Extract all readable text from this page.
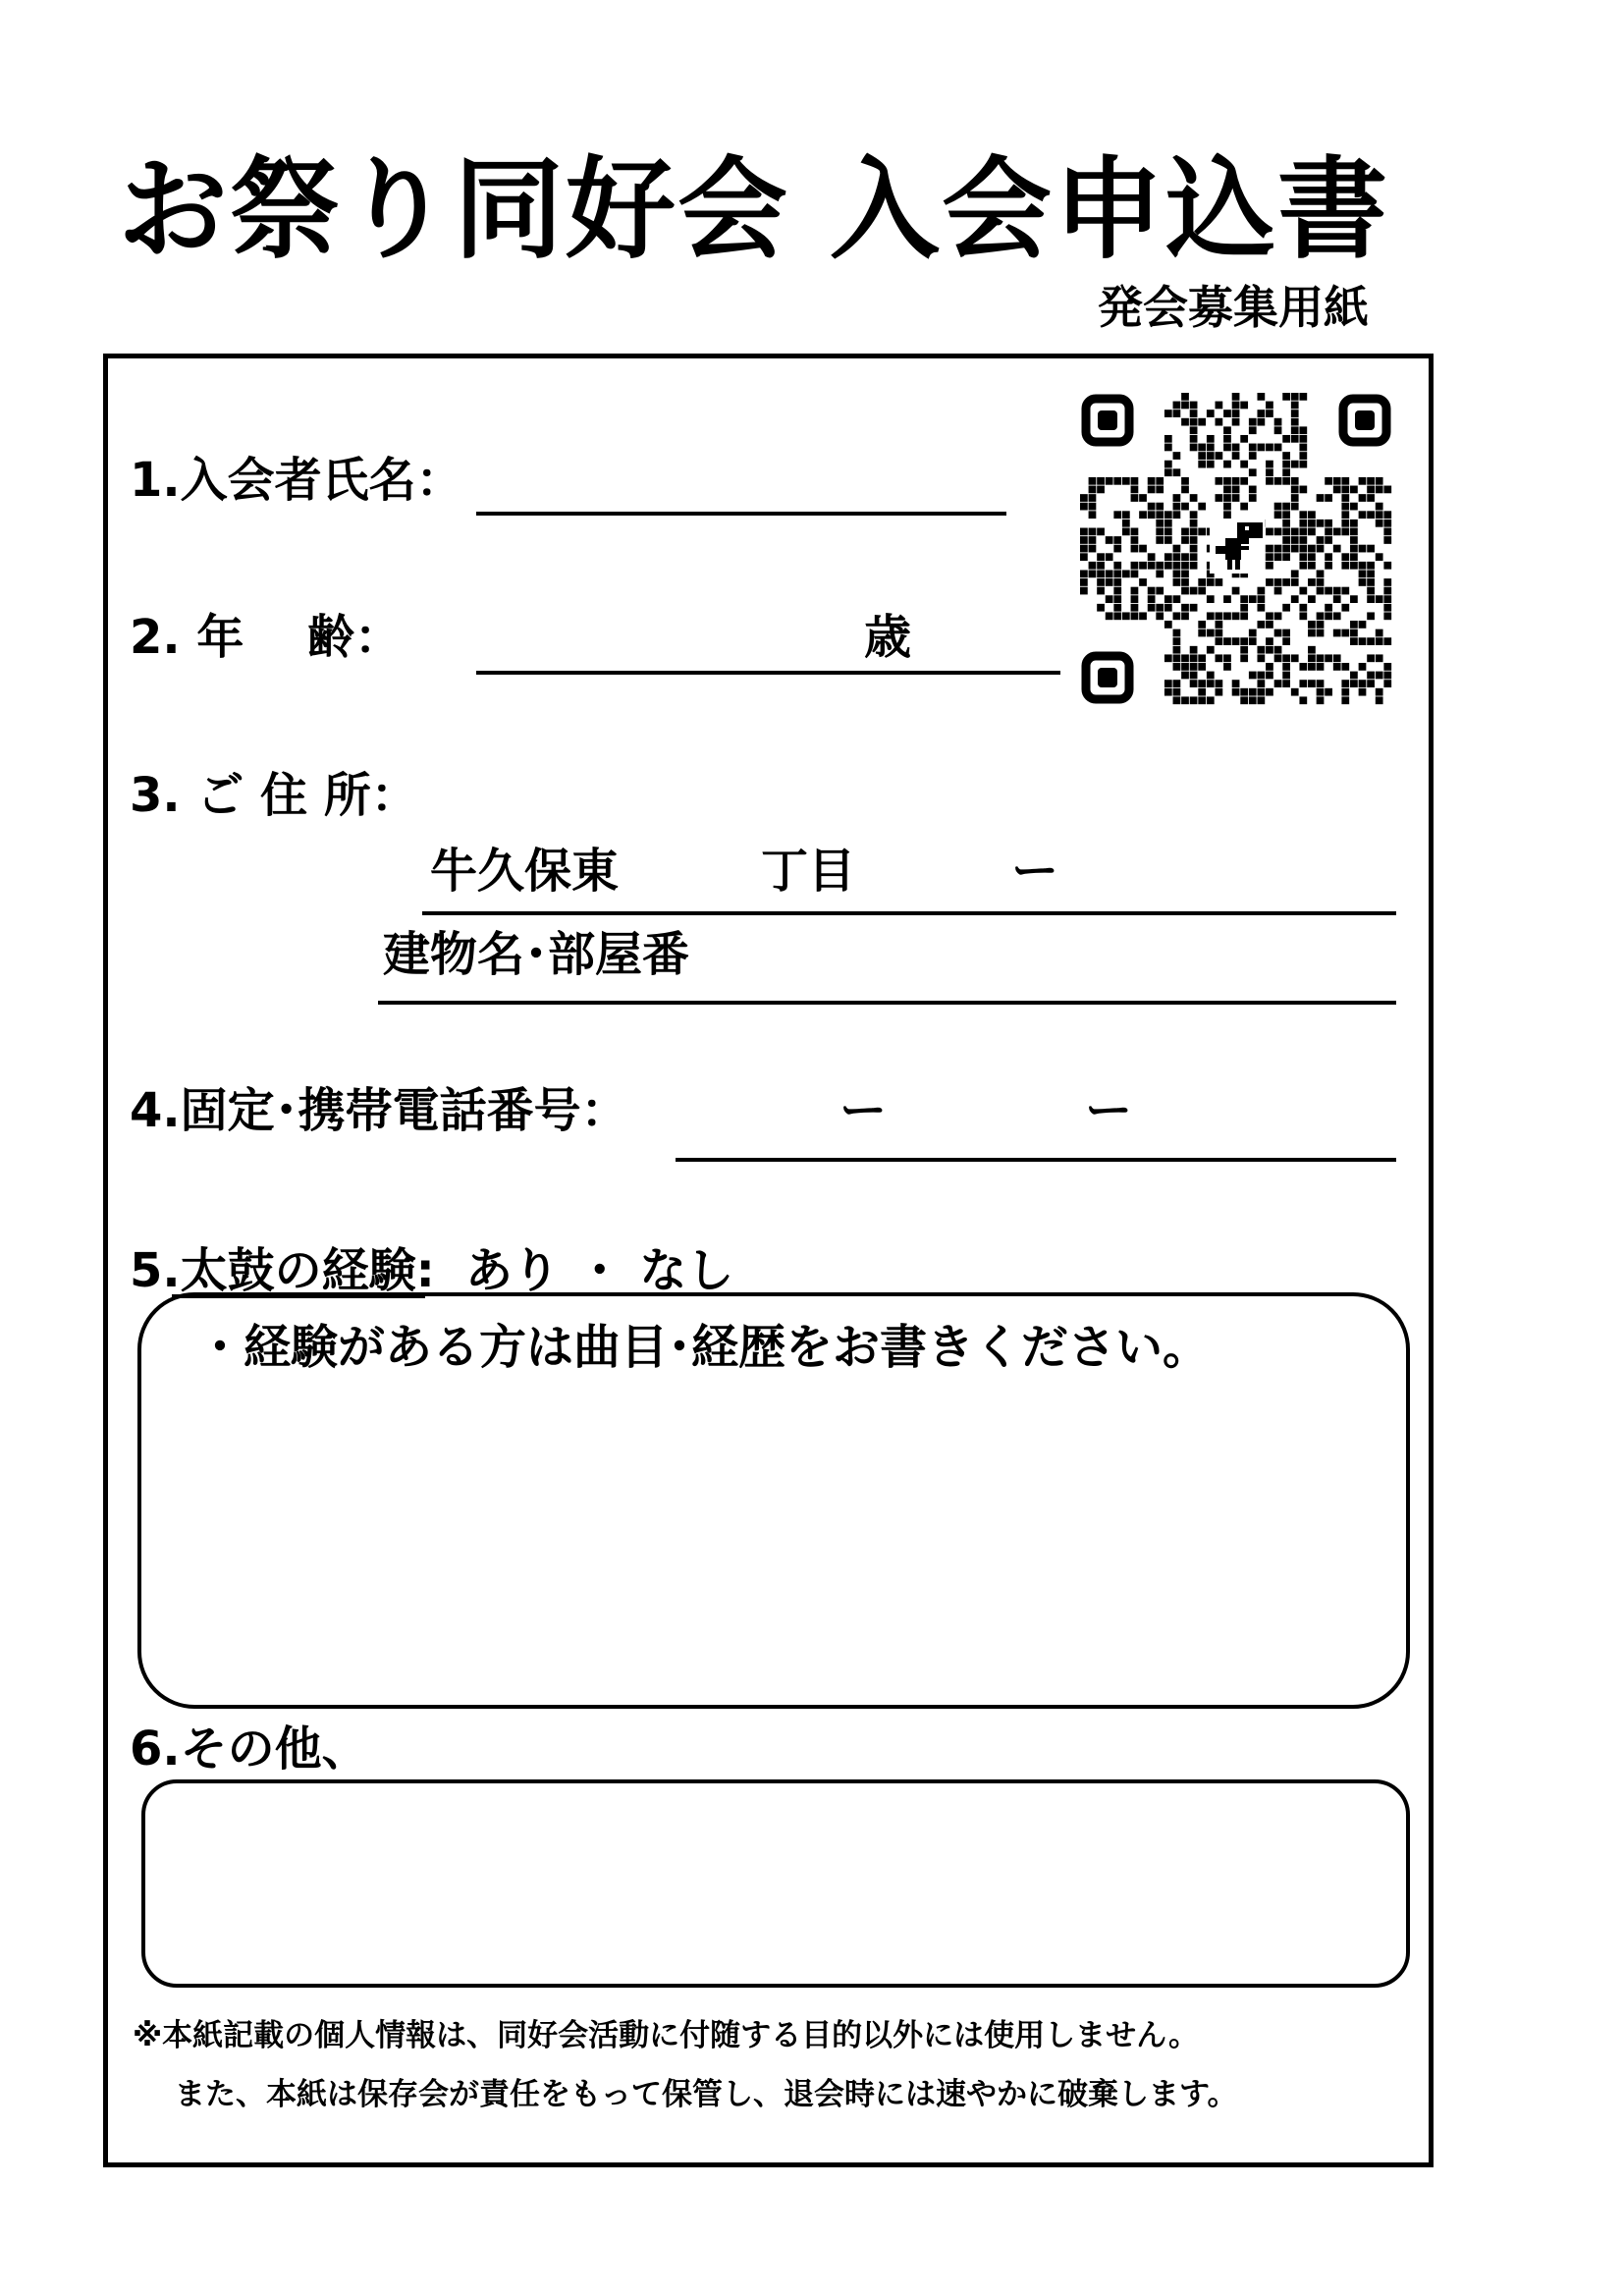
お祭り同好会 入会申込書
発会募集用紙
1.入会者氏名：
2. 年　 齢：	歳
3. ご 住 所：
牛久保東	丁目	ー
建物名･部屋番
4.固定･携帯電話番号：	ー	ー
5.太鼓の経験: あり ・ なし
・経験がある方は曲目･経歴をお書きください。
6.その他、
※本紙記載の個人情報は、同好会活動に付随する目的以外には使用しません。
また、本紙は保存会が責任をもって保管し、退会時には速やかに破棄します。
